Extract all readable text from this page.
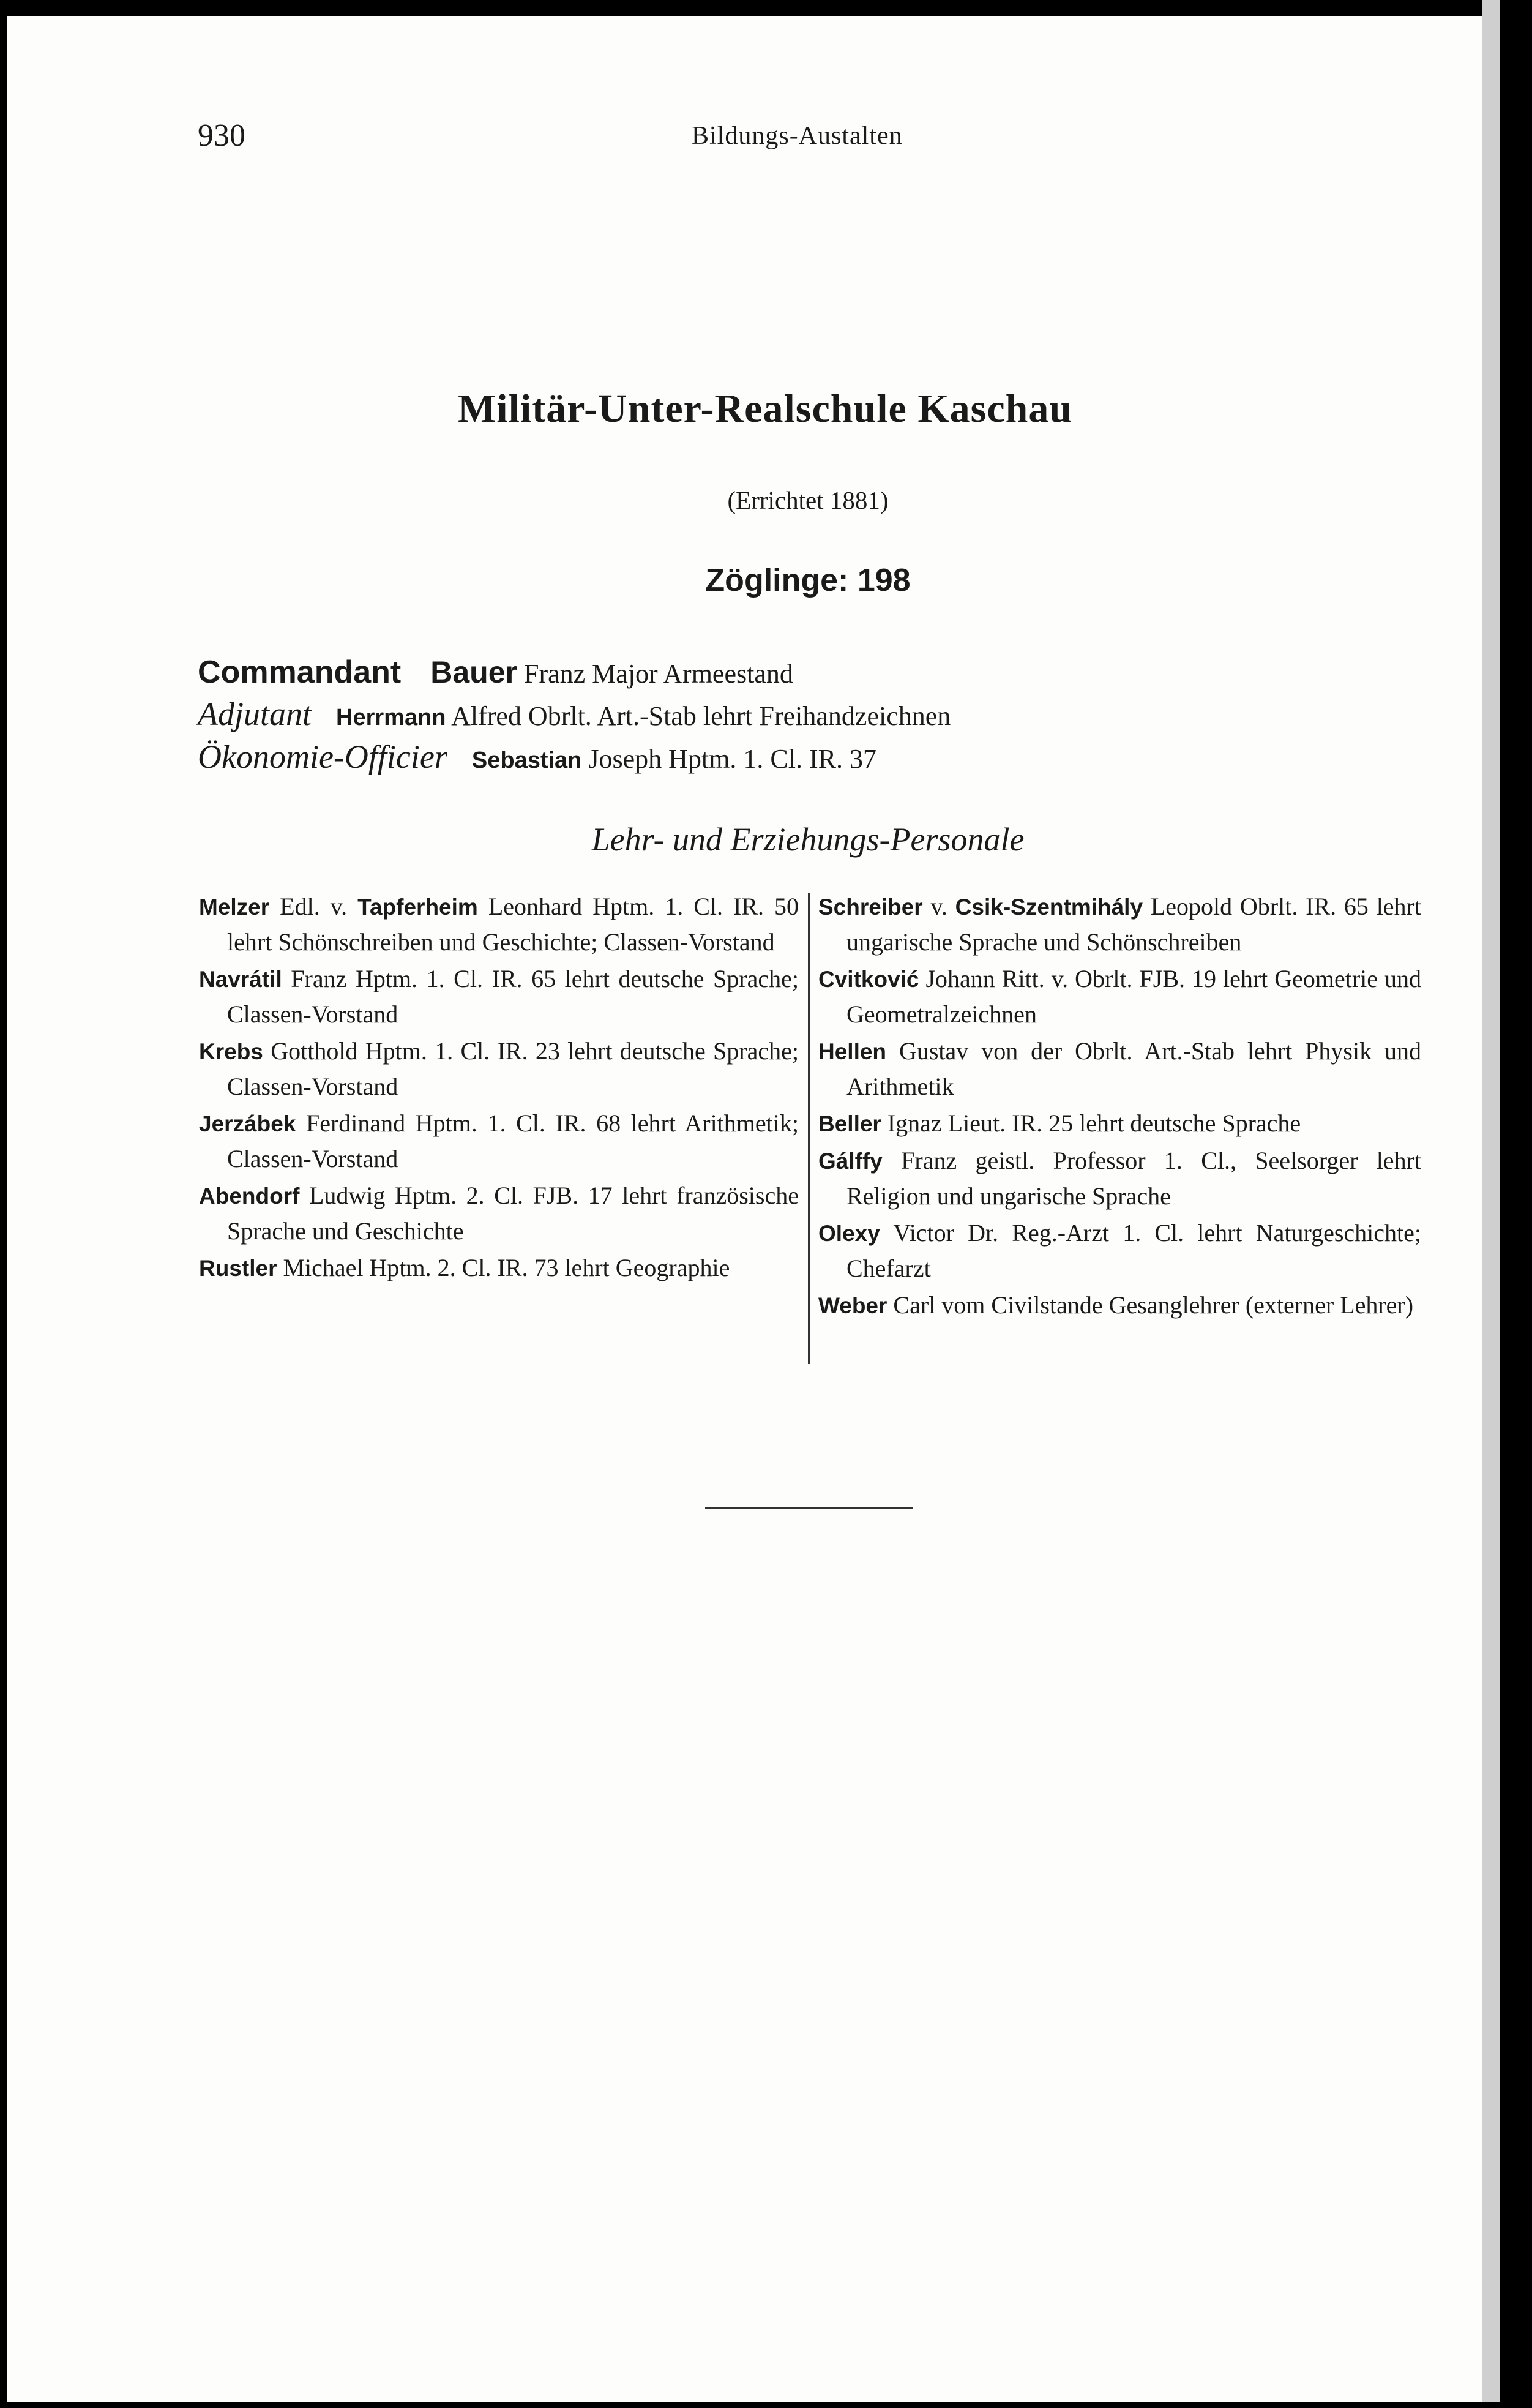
930	Bildungs-Austalten
Militär-Unter-Realschule Kaschau
(Errichtet 1881)
Zöglinge: 198
Commandant Bauer Franz Major Armeestand
Adjutant Herrmann Alfred Obrlt. Art.-Stab lehrt Freihandzeichnen
Ökonomie-Officier Sebastian Joseph Hptm. 1. Cl. IR. 37
Lehr- und Erziehungs-Personale
Melzer Edl. v. Tapferheim Leonhard Hptm. 1. Cl. IR. 50 lehrt Schönschreiben und Geschichte; Classen-Vorstand
Navrátil Franz Hptm. 1. Cl. IR. 65 lehrt deutsche Sprache; Classen-Vorstand
Krebs Gotthold Hptm. 1. Cl. IR. 23 lehrt deutsche Sprache; Classen-Vorstand
Jerzábek Ferdinand Hptm. 1. Cl. IR. 68 lehrt Arithmetik; Classen-Vorstand
Abendorf Ludwig Hptm. 2. Cl. FJB. 17 lehrt französische Sprache und Geschichte
Rustler Michael Hptm. 2. Cl. IR. 73 lehrt Geographie
Schreiber v. Csik-Szentmihály Leopold Obrlt. IR. 65 lehrt ungarische Sprache und Schönschreiben
Cvitković Johann Ritt. v. Obrlt. FJB. 19 lehrt Geometrie und Geometralzeichnen
Hellen Gustav von der Obrlt. Art.-Stab lehrt Physik und Arithmetik
Beller Ignaz Lieut. IR. 25 lehrt deutsche Sprache
Gálffy Franz geistl. Professor 1. Cl., Seelsorger lehrt Religion und ungarische Sprache
Olexy Victor Dr. Reg.-Arzt 1. Cl. lehrt Naturgeschichte; Chefarzt
Weber Carl vom Civilstande Gesanglehrer (externer Lehrer)
